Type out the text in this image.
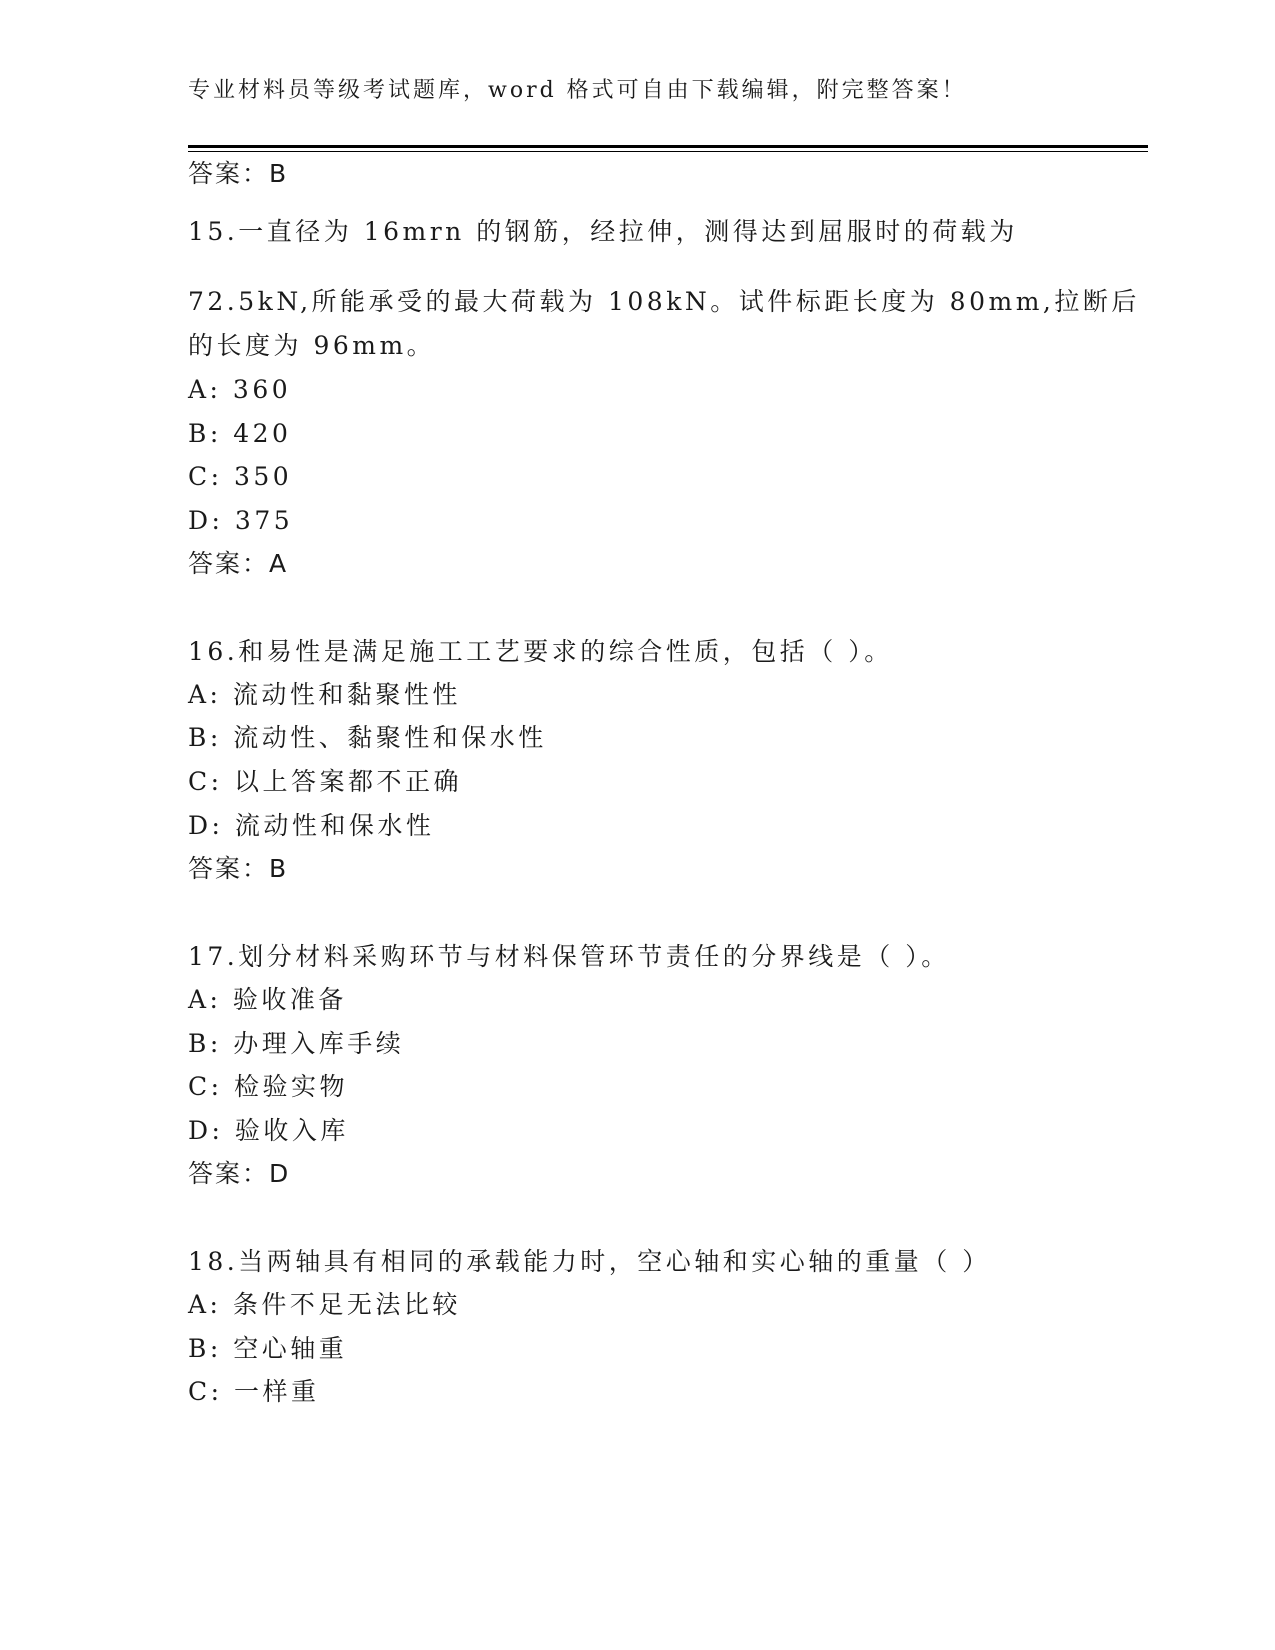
专业材料员等级考试题库，word 格式可自由下载编辑，附完整答案！
答案：B
15.一直径为 16mrn 的钢筋，经拉伸，测得达到屈服时的荷载为
72.5kN,所能承受的最大荷载为 108kN。试件标距长度为 80mm,拉断后
的长度为 96mm。
A: 360
B: 420
C: 350
D: 375
答案：A
16.和易性是满足施工工艺要求的综合性质，包括（ ）。
A: 流动性和黏聚性性
B: 流动性、黏聚性和保水性
C: 以上答案都不正确
D: 流动性和保水性
答案：B
17.划分材料采购环节与材料保管环节责任的分界线是（ ）。
A: 验收准备
B: 办理入库手续
C: 检验实物
D: 验收入库
答案：D
18.当两轴具有相同的承载能力时，空心轴和实心轴的重量（ ）
A: 条件不足无法比较
B: 空心轴重
C: 一样重
